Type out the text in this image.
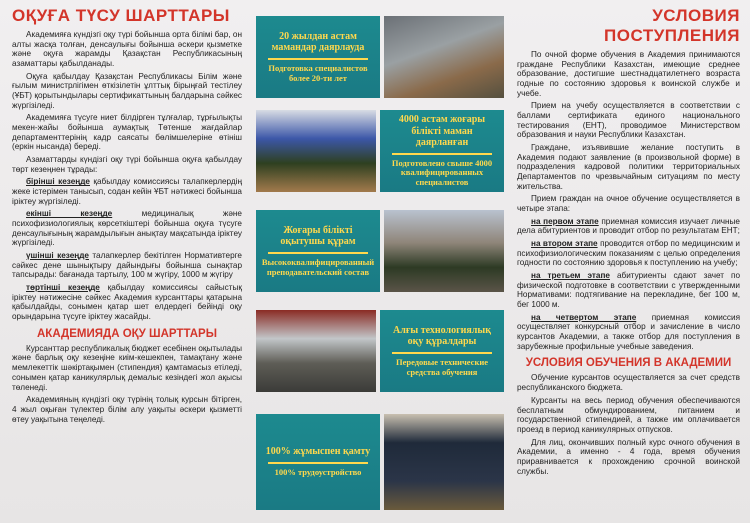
ОҚУҒА ТҮСУ ШАРТТАРЫ

Академияға күндізгі оқу түрі бойынша орта білімі бар, он алты жасқа толған, денсаулығы бойынша әскери қызметке және оқуға жарамды Қазақстан Республикасының азаматтары қабылданады.

Оқуға қабылдау Қазақстан Республикасы Білім және ғылым министрлігімен өткізілетін ұлттық бірыңғай тестілеу (ҰБТ) қорытындылары сертификаттының балдарына сәйкес жүргізіледі.

Академияға түсуге ниет білдірген тұлғалар, тұрғылықты мекен-жайы бойынша аумақтық Төтенше жағдайлар департаменттерінің кадр саясаты бөлімшелеріне өтініш (еркін нысанда) береді.

Азаматтарды күндізгі оқу түрі бойынша оқуға қабылдау төрт кезеңнен тұрады:

бірінші кезеңде қабылдау комиссиясы талапкерлердің жеке істерімен танысып, содан кейін ҰБТ нәтижесі бойынша іріктеу жүргізіледі.

екінші кезеңде	медициналық және психофизиологиялық көрсеткіштері бойынша оқуға түсуге денсаулығының жарамдылығын анықтау мақсатында іріктеу жүргізіледі.

үшінші кезеңде талапкерлер бекітілген Нормативтерге сәйкес дене шынықтыру дайындығы бойынша сынақтар тапсырады: бағанада тартылу, 100 м жүгіру, 1000 м жүгіру

төртінші кезеңде қабылдау комиссиясы сайыстық іріктеу нәтижесіне сәйкес Академия курсанттары қатарына қабылдайды, сонымен қатар шет елдердегі бейінді оқу орындарына түсуге іріктеу жасайды.

АКАДЕМИЯДА ОҚУ ШАРТТАРЫ

Курсанттар республикалық бюджет есебінен оқытылады және барлық оқу кезеңіне киім-кешекпен, тамақтану және мемлекеттік шәкіртақымен (стипендия) қамтамасыз етіледі, сонымен қатар каникулярлық демалыс кезіндегі жол ақысы төленеді.

Академияның күндізгі оқу түрінің толық курсын бітірген, 4 жыл оқыған түлектер білім алу уақыты әскери қызметті өтеу уақытына теңеледі.

20 жылдан астам мамандар даярлауда
Подготовка специалистов более 20-ти лет
4000 астам жоғары білікті маман даярланған
Подготовлено свыше 4000 квалифицированных специалистов
Жоғары білікті оқытушы құрам
Высококвалифицированный преподавательский состав
Алғы технологиялық оқу құралдары
Передовые технические средства обучения
100% жұмыспен қамту
100% трудоустройство
УСЛОВИЯ ПОСТУПЛЕНИЯ

По очной форме обучения в Академия принимаются граждане Республики Казахстан, имеющие среднее образование, достигшие шестнадцатилетнего возраста годные по состоянию здоровья к воинской службе и учебе.

Прием на учебу осуществляется в соответствии с баллами сертификата единого национального тестирования (ЕНТ), проводимое Министерством образования и науки Республики Казахстан.

Граждане, изъявившие желание поступить в Академия подают заявление (в произвольной форме) в подразделения кадровой политики территориальных Департаментов по чрезвычайным ситуациям по месту жительства.

Прием граждан на очное обучение осуществляется в четыре этапа:

на первом этапе приемная комиссия изучает личные дела абитуриентов и проводит отбор по результатам ЕНТ;

на втором этапе проводится отбор по медицинским и психофизиологическим показаниям с целью определения годности по состоянию здоровья к поступлению на учебу;

на третьем этапе абитуриенты сдают зачет по физической подготовке в соответствии с утвержденными Нормативами: подтягивание на перекладине, бег 100 м, бег 1000 м.

на четвертом этапе приемная комиссия осуществляет конкурсный отбор и зачисление в число курсантов Академии, а также отбор для поступления в зарубежные профильные учебные заведения.

УСЛОВИЯ ОБУЧЕНИЯ В АКАДЕМИИ

Обучение курсантов осуществляется за счет средств республиканского бюджета.

Курсанты на весь период обучения обеспечиваются бесплатным обмундированием, питанием и государственной стипендией, а также им оплачивается проезд в период каникулярных отпусков.

Для лиц, окончивших полный курс очного обучения в Академии, а именно - 4 года, время обучения приравнивается к прохождению срочной воинской службы.
